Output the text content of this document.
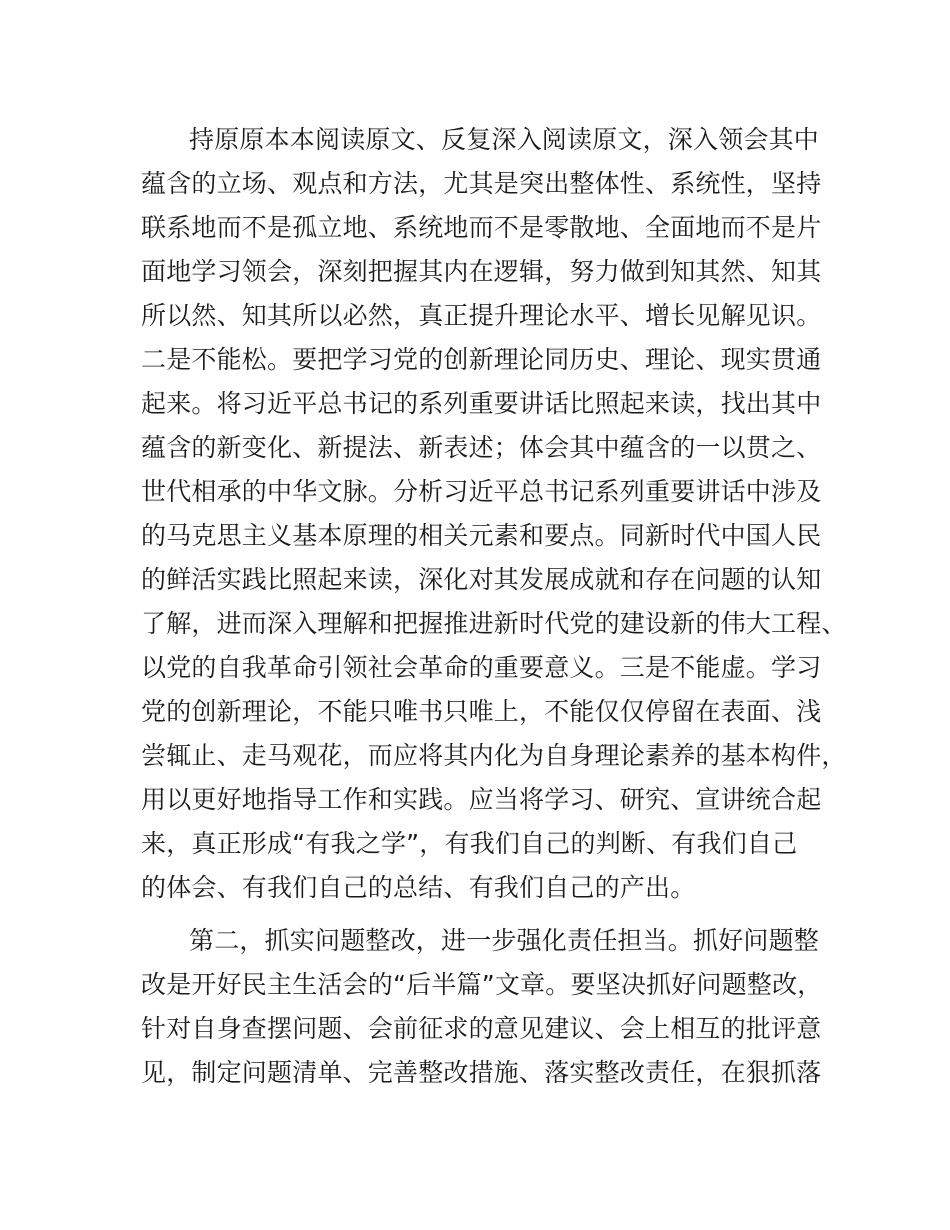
持原原本本阅读原文、反复深入阅读原文，深入领会其中
蕴含的立场、观点和方法，尤其是突出整体性、系统性，坚持
联系地而不是孤立地、系统地而不是零散地、全面地而不是片
面地学习领会，深刻把握其内在逻辑，努力做到知其然、知其
所以然、知其所以必然，真正提升理论水平、增长见解见识。
二是不能松。要把学习党的创新理论同历史、理论、现实贯通
起来。将习近平总书记的系列重要讲话比照起来读，找出其中
蕴含的新变化、新提法、新表述；体会其中蕴含的一以贯之、
世代相承的中华文脉。分析习近平总书记系列重要讲话中涉及
的马克思主义基本原理的相关元素和要点。同新时代中国人民
的鲜活实践比照起来读，深化对其发展成就和存在问题的认知
了解，进而深入理解和把握推进新时代党的建设新的伟大工程、
以党的自我革命引领社会革命的重要意义。三是不能虚。学习
党的创新理论，不能只唯书只唯上，不能仅仅停留在表面、浅
尝辄止、走马观花，而应将其内化为自身理论素养的基本构件，
用以更好地指导工作和实践。应当将学习、研究、宣讲统合起
来，真正形成“有我之学”，有我们自己的判断、有我们自己
的体会、有我们自己的总结、有我们自己的产出。
第二，抓实问题整改，进一步强化责任担当。抓好问题整
改是开好民主生活会的“后半篇”文章。要坚决抓好问题整改，
针对自身查摆问题、会前征求的意见建议、会上相互的批评意
见，制定问题清单、完善整改措施、落实整改责任，在狠抓落
